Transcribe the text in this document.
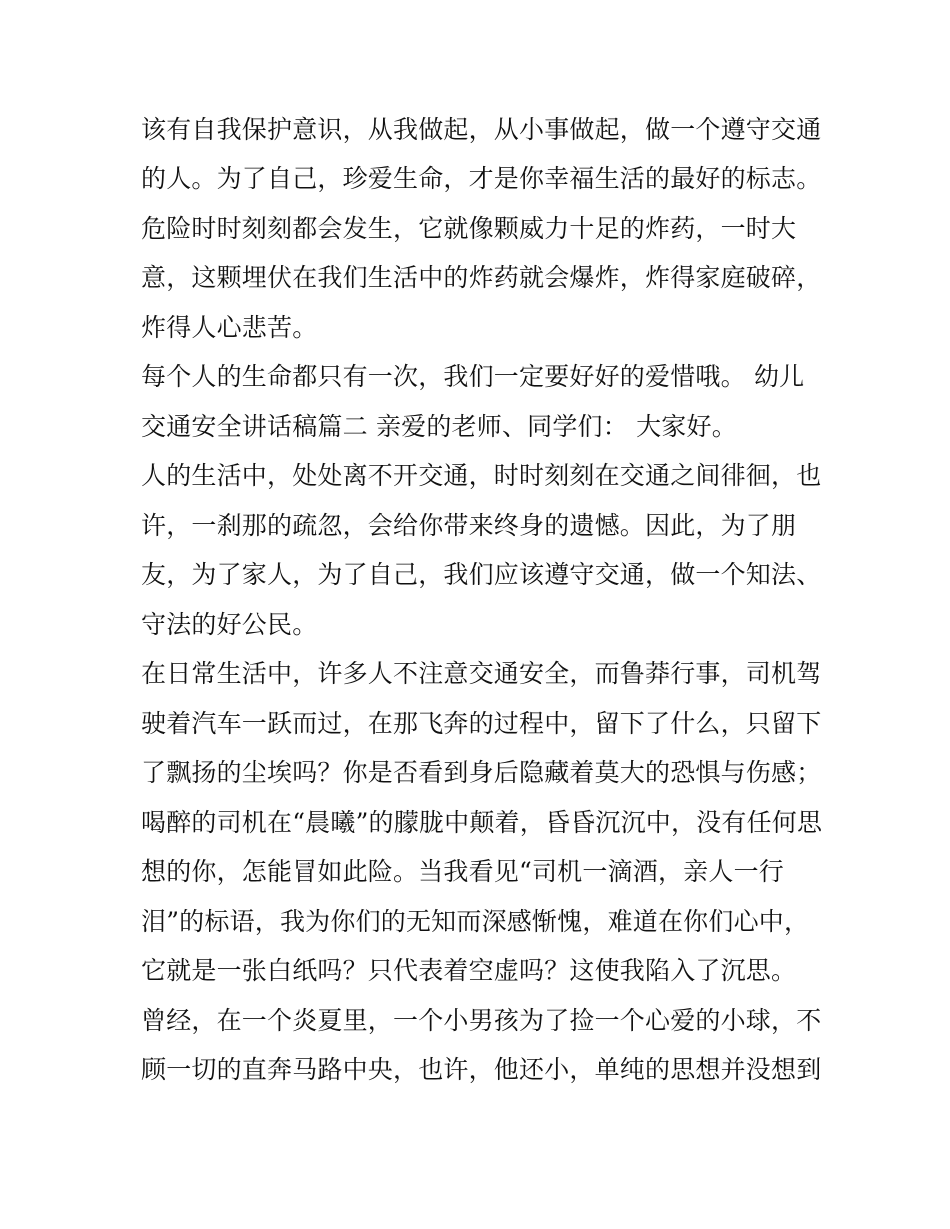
该有自我保护意识，从我做起，从小事做起，做一个遵守交通
的人。为了自己，珍爱生命，才是你幸福生活的最好的标志。
危险时时刻刻都会发生，它就像颗威力十足的炸药，一时大
意，这颗埋伏在我们生活中的炸药就会爆炸，炸得家庭破碎，
炸得人心悲苦。
每个人的生命都只有一次，我们一定要好好的爱惜哦。 幼儿
交通安全讲话稿篇二 亲爱的老师、同学们： 大家好。
人的生活中，处处离不开交通，时时刻刻在交通之间徘徊，也
许，一刹那的疏忽，会给你带来终身的遗憾。因此，为了朋
友，为了家人，为了自己，我们应该遵守交通，做一个知法、
守法的好公民。
在日常生活中，许多人不注意交通安全，而鲁莽行事，司机驾
驶着汽车一跃而过，在那飞奔的过程中，留下了什么，只留下
了飘扬的尘埃吗？你是否看到身后隐藏着莫大的恐惧与伤感；
喝醉的司机在“晨曦”的朦胧中颠着，昏昏沉沉中，没有任何思
想的你，怎能冒如此险。当我看见“司机一滴酒，亲人一行
泪”的标语，我为你们的无知而深感惭愧，难道在你们心中，
它就是一张白纸吗？只代表着空虚吗？这使我陷入了沉思。
曾经，在一个炎夏里，一个小男孩为了捡一个心爱的小球，不
顾一切的直奔马路中央，也许，他还小，单纯的思想并没想到
